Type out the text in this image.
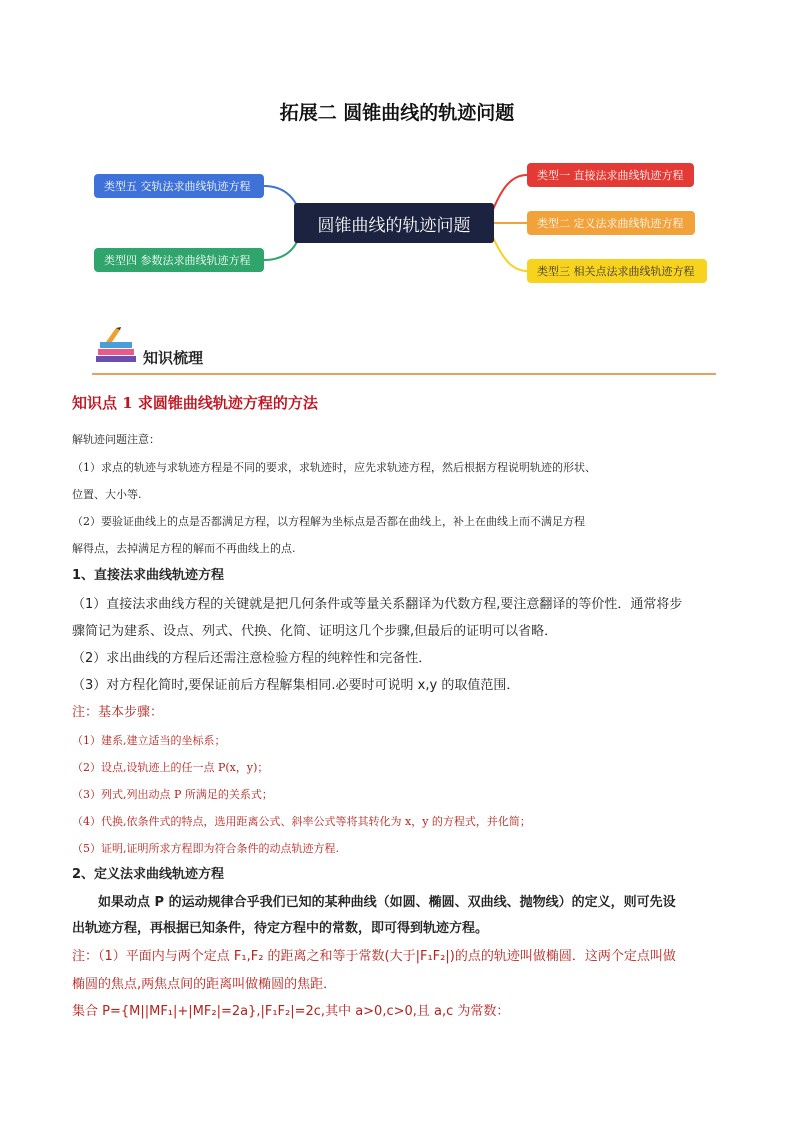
拓展二 圆锥曲线的轨迹问题
圆锥曲线的轨迹问题
类型五 交轨法求曲线轨迹方程
类型四 参数法求曲线轨迹方程
类型一 直接法求曲线轨迹方程
类型二 定义法求曲线轨迹方程
类型三 相关点法求曲线轨迹方程
知识梳理
知识点 1 求圆锥曲线轨迹方程的方法
解轨迹问题注意：
（1）求点的轨迹与求轨迹方程是不同的要求，求轨迹时，应先求轨迹方程，然后根据方程说明轨迹的形状、
位置、大小等.
（2）要验证曲线上的点是否都满足方程，以方程解为坐标点是否都在曲线上，补上在曲线上而不满足方程
解得点，去掉满足方程的解而不再曲线上的点.
1、直接法求曲线轨迹方程
（1）直接法求曲线方程的关键就是把几何条件或等量关系翻译为代数方程,要注意翻译的等价性．通常将步
骤简记为建系、设点、列式、代换、化简、证明这几个步骤,但最后的证明可以省略．
（2）求出曲线的方程后还需注意检验方程的纯粹性和完备性．
（3）对方程化简时,要保证前后方程解集相同.必要时可说明 x,y 的取值范围．
注：基本步骤：
（1）建系,建立适当的坐标系；
（2）设点,设轨迹上的任一点 P(x，y)；
（3）列式,列出动点 P 所满足的关系式；
（4）代换,依条件式的特点，选用距离公式、斜率公式等将其转化为 x，y 的方程式，并化简；
（5）证明,证明所求方程即为符合条件的动点轨迹方程.
2、定义法求曲线轨迹方程
如果动点 P 的运动规律合乎我们已知的某种曲线（如圆、椭圆、双曲线、抛物线）的定义，则可先设
出轨迹方程，再根据已知条件，待定方程中的常数，即可得到轨迹方程。
注：（1）平面内与两个定点 F₁,F₂ 的距离之和等于常数(大于|F₁F₂|)的点的轨迹叫做椭圆．这两个定点叫做
椭圆的焦点,两焦点间的距离叫做椭圆的焦距．
集合 P={M||MF₁|+|MF₂|=2a},|F₁F₂|=2c,其中 a>0,c>0,且 a,c 为常数：
